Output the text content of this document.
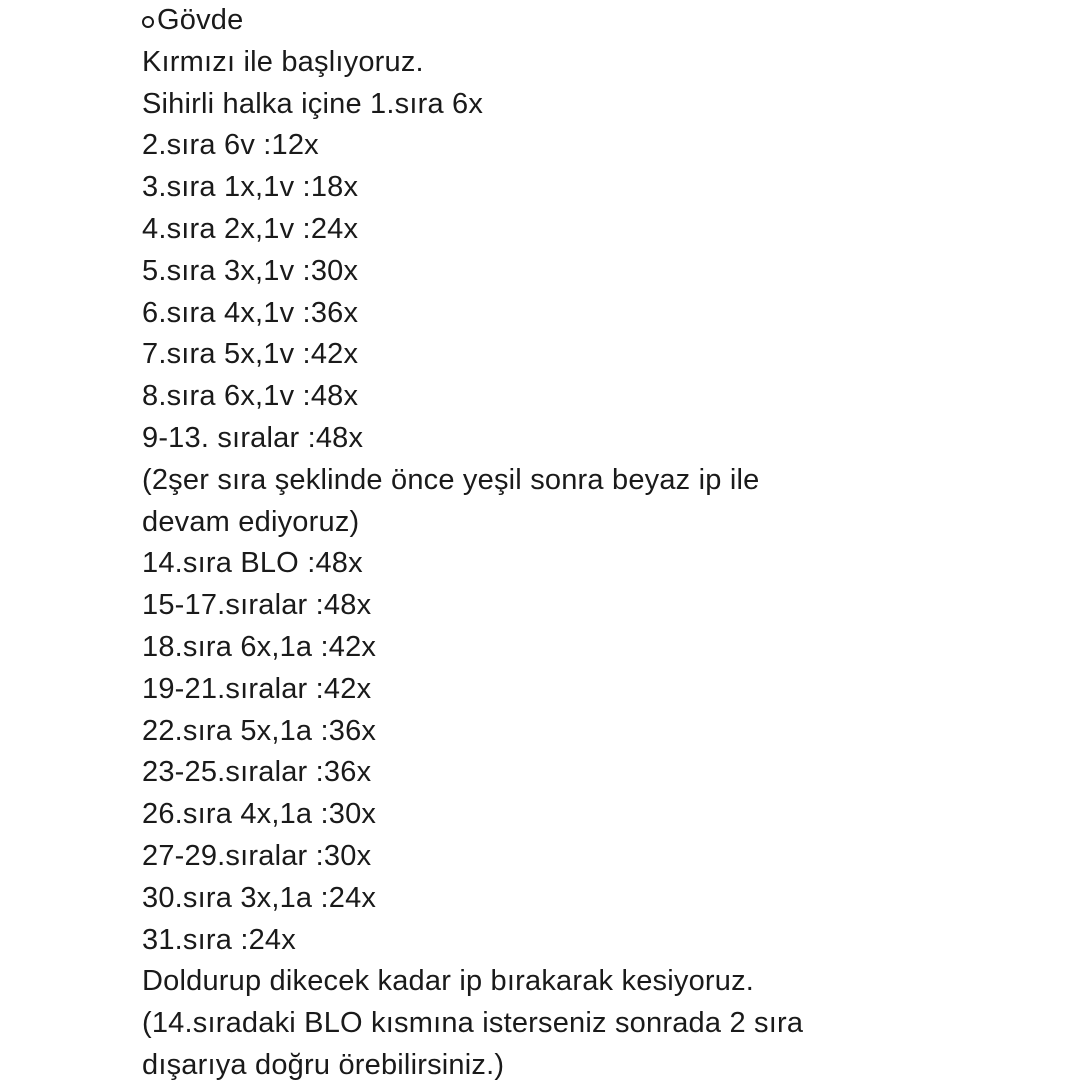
Gövde
Kırmızı ile başlıyoruz.
Sihirli halka içine 1.sıra 6x
2.sıra 6v :12x
3.sıra 1x,1v :18x
4.sıra 2x,1v :24x
5.sıra 3x,1v :30x
6.sıra 4x,1v :36x
7.sıra 5x,1v :42x
8.sıra 6x,1v :48x
9-13. sıralar :48x
(2şer sıra şeklinde önce yeşil sonra beyaz ip ile
devam ediyoruz)
14.sıra BLO :48x
15-17.sıralar :48x
18.sıra 6x,1a :42x
19-21.sıralar :42x
22.sıra 5x,1a :36x
23-25.sıralar :36x
26.sıra 4x,1a :30x
27-29.sıralar :30x
30.sıra 3x,1a :24x
31.sıra :24x
Doldurup dikecek kadar ip bırakarak kesiyoruz.
(14.sıradaki BLO kısmına isterseniz sonrada 2 sıra
dışarıya doğru örebilirsiniz.)
